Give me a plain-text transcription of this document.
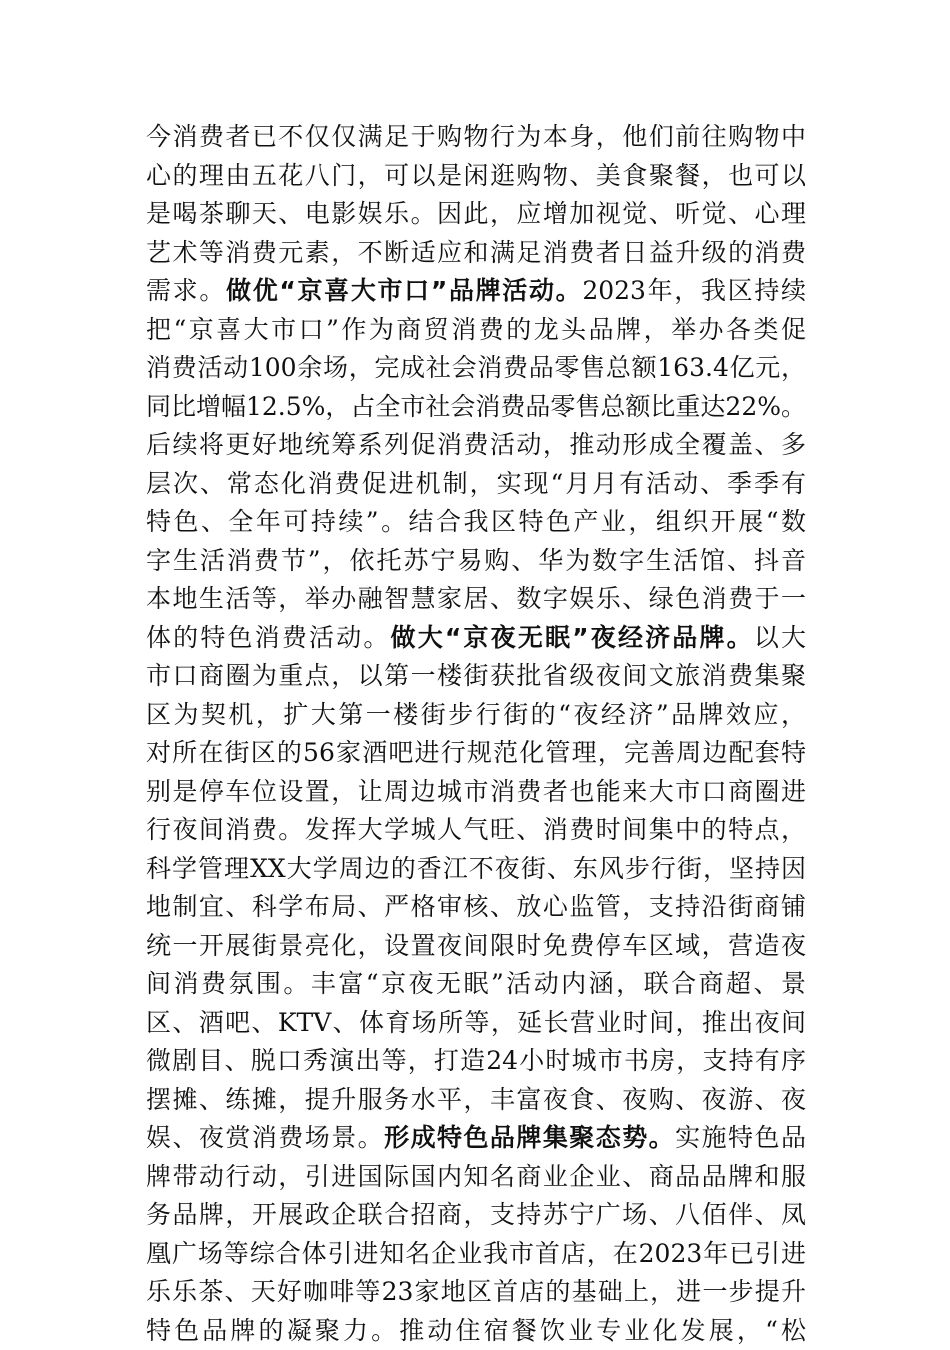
今消费者已不仅仅满足于购物行为本身，他们前往购物中
心的理由五花八门，可以是闲逛购物、美食聚餐，也可以
是喝茶聊天、电影娱乐。因此，应增加视觉、听觉、心理
艺术等消费元素，不断适应和满足消费者日益升级的消费
需求。做优“京喜大市口”品牌活动。2023年，我区持续
把“京喜大市口”作为商贸消费的龙头品牌，举办各类促
消费活动100余场，完成社会消费品零售总额163.4亿元，
同比增幅12.5%，占全市社会消费品零售总额比重达22%。
后续将更好地统筹系列促消费活动，推动形成全覆盖、多
层次、常态化消费促进机制，实现“月月有活动、季季有
特色、全年可持续”。结合我区特色产业，组织开展“数
字生活消费节”，依托苏宁易购、华为数字生活馆、抖音
本地生活等，举办融智慧家居、数字娱乐、绿色消费于一
体的特色消费活动。做大“京夜无眠”夜经济品牌。以大
市口商圈为重点，以第一楼街获批省级夜间文旅消费集聚
区为契机，扩大第一楼街步行街的“夜经济”品牌效应，
对所在街区的56家酒吧进行规范化管理，完善周边配套特
别是停车位设置，让周边城市消费者也能来大市口商圈进
行夜间消费。发挥大学城人气旺、消费时间集中的特点，
科学管理XX大学周边的香江不夜街、东风步行街，坚持因
地制宜、科学布局、严格审核、放心监管，支持沿街商铺
统一开展街景亮化，设置夜间限时免费停车区域，营造夜
间消费氛围。丰富“京夜无眠”活动内涵，联合商超、景
区、酒吧、KTV、体育场所等，延长营业时间，推出夜间
微剧目、脱口秀演出等，打造24小时城市书房，支持有序
摆摊、练摊，提升服务水平，丰富夜食、夜购、夜游、夜
娱、夜赏消费场景。形成特色品牌集聚态势。实施特色品
牌带动行动，引进国际国内知名商业企业、商品品牌和服
务品牌，开展政企联合招商，支持苏宁广场、八佰伴、凤
凰广场等综合体引进知名企业我市首店，在2023年已引进
乐乐茶、天好咖啡等23家地区首店的基础上，进一步提升
特色品牌的凝聚力。推动住宿餐饮业专业化发展，“松
